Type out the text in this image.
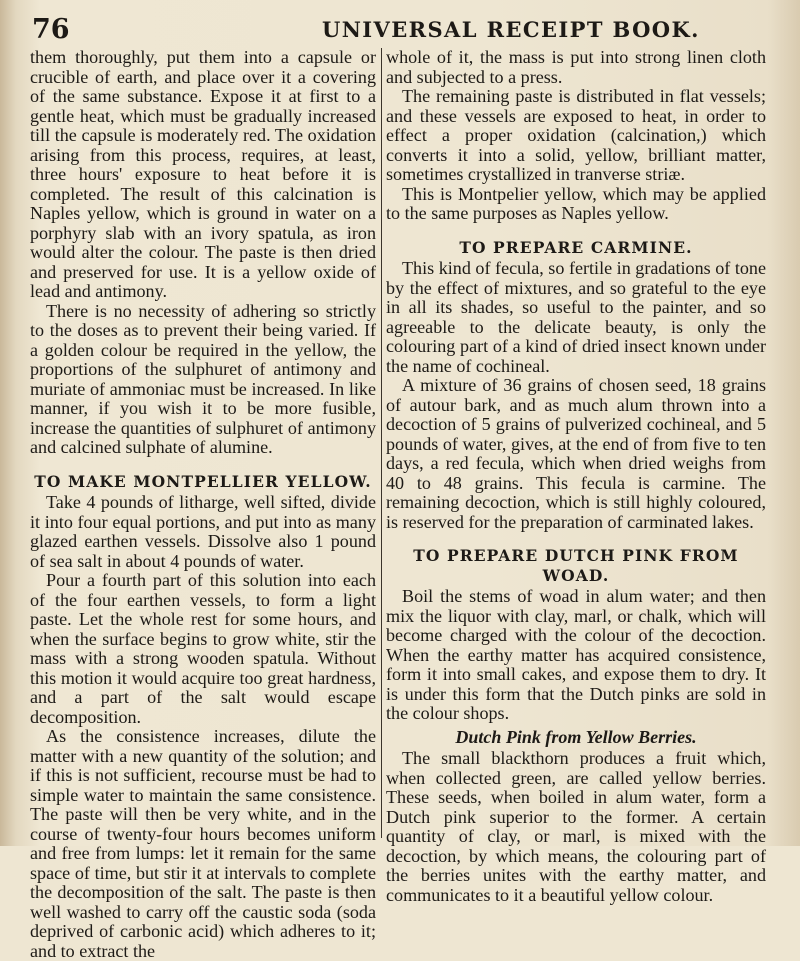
76	UNIVERSAL RECEIPT BOOK.

them thoroughly, put them into a capsule or crucible of earth, and place over it a covering of the same substance. Expose it at first to a gentle heat, which must be gradually increased till the capsule is moderately red. The oxidation arising from this process, requires, at least, three hours' exposure to heat before it is completed. The result of this calcination is Naples yellow, which is ground in water on a porphyry slab with an ivory spatula, as iron would alter the colour. The paste is then dried and preserved for use. It is a yellow oxide of lead and antimony.

There is no necessity of adhering so strictly to the doses as to prevent their being varied. If a golden colour be required in the yellow, the proportions of the sulphuret of antimony and muriate of ammoniac must be increased. In like manner, if you wish it to be more fusible, increase the quantities of sulphuret of antimony and calcined sulphate of alumine.

TO MAKE MONTPELLIER YELLOW.

Take 4 pounds of litharge, well sifted, divide it into four equal portions, and put into as many glazed earthen vessels. Dissolve also 1 pound of sea salt in about 4 pounds of water.

Pour a fourth part of this solution into each of the four earthen vessels, to form a light paste. Let the whole rest for some hours, and when the surface begins to grow white, stir the mass with a strong wooden spatula. Without this motion it would acquire too great hardness, and a part of the salt would escape decomposition.

As the consistence increases, dilute the matter with a new quantity of the solution; and if this is not sufficient, recourse must be had to simple water to maintain the same consistence. The paste will then be very white, and in the course of twenty-four hours becomes uniform and free from lumps: let it remain for the same space of time, but stir it at intervals to complete the decomposition of the salt. The paste is then well washed to carry off the caustic soda (soda deprived of carbonic acid) which adheres to it; and to extract the

whole of it, the mass is put into strong linen cloth and subjected to a press.

The remaining paste is distributed in flat vessels; and these vessels are exposed to heat, in order to effect a proper oxidation (calcination,) which converts it into a solid, yellow, brilliant matter, sometimes crystallized in tranverse striæ.

This is Montpelier yellow, which may be applied to the same purposes as Naples yellow.

TO PREPARE CARMINE.

This kind of fecula, so fertile in gradations of tone by the effect of mixtures, and so grateful to the eye in all its shades, so useful to the painter, and so agreeable to the delicate beauty, is only the colouring part of a kind of dried insect known under the name of cochineal.

A mixture of 36 grains of chosen seed, 18 grains of autour bark, and as much alum thrown into a decoction of 5 grains of pulverized cochineal, and 5 pounds of water, gives, at the end of from five to ten days, a red fecula, which when dried weighs from 40 to 48 grains. This fecula is carmine. The remaining decoction, which is still highly coloured, is reserved for the preparation of carminated lakes.

TO PREPARE DUTCH PINK FROM WOAD.

Boil the stems of woad in alum water; and then mix the liquor with clay, marl, or chalk, which will become charged with the colour of the decoction. When the earthy matter has acquired consistence, form it into small cakes, and expose them to dry. It is under this form that the Dutch pinks are sold in the colour shops.

Dutch Pink from Yellow Berries.

The small blackthorn produces a fruit which, when collected green, are called yellow berries. These seeds, when boiled in alum water, form a Dutch pink superior to the former. A certain quantity of clay, or marl, is mixed with the decoction, by which means, the colouring part of the berries unites with the earthy matter, and communicates to it a beautiful yellow colour.
